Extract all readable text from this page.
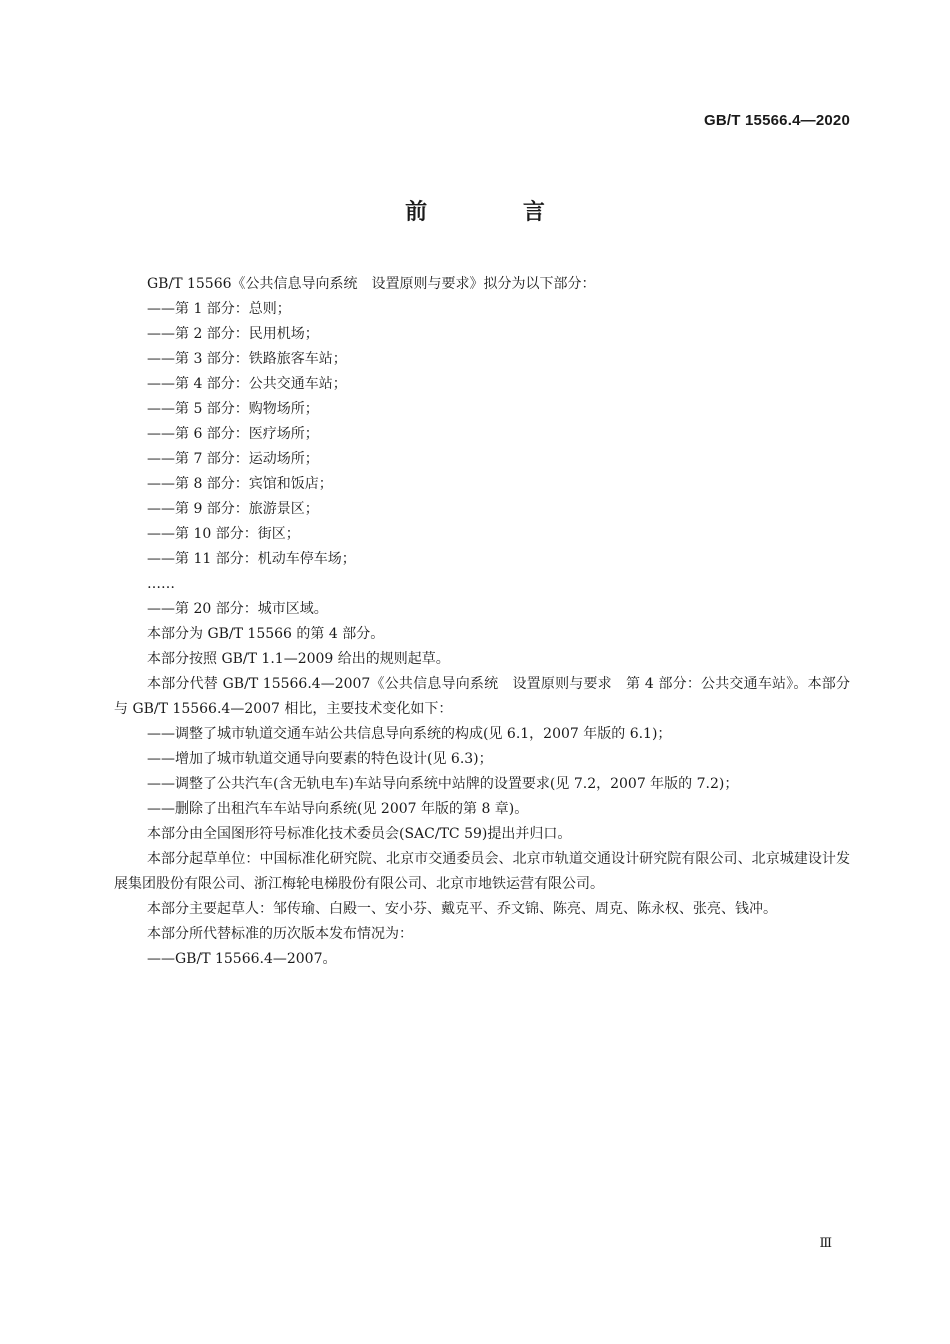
GB/T 15566.4—2020
前 言

GB/T 15566《公共信息导向系统　设置原则与要求》拟分为以下部分：

——第 1 部分：总则；

——第 2 部分：民用机场；

——第 3 部分：铁路旅客车站；

——第 4 部分：公共交通车站；

——第 5 部分：购物场所；

——第 6 部分：医疗场所；

——第 7 部分：运动场所；

——第 8 部分：宾馆和饭店；

——第 9 部分：旅游景区；

——第 10 部分：街区；

——第 11 部分：机动车停车场；

……

——第 20 部分：城市区域。

本部分为 GB/T 15566 的第 4 部分。

本部分按照 GB/T 1.1—2009 给出的规则起草。

本部分代替 GB/T 15566.4—2007《公共信息导向系统　设置原则与要求　第 4 部分：公共交通车站》。本部分与 GB/T 15566.4—2007 相比，主要技术变化如下：

——调整了城市轨道交通车站公共信息导向系统的构成(见 6.1，2007 年版的 6.1)；

——增加了城市轨道交通导向要素的特色设计(见 6.3)；

——调整了公共汽车(含无轨电车)车站导向系统中站牌的设置要求(见 7.2，2007 年版的 7.2)；

——删除了出租汽车车站导向系统(见 2007 年版的第 8 章)。

本部分由全国图形符号标准化技术委员会(SAC/TC 59)提出并归口。

本部分起草单位：中国标准化研究院、北京市交通委员会、北京市轨道交通设计研究院有限公司、北京城建设计发展集团股份有限公司、浙江梅轮电梯股份有限公司、北京市地铁运营有限公司。

本部分主要起草人：邹传瑜、白殿一、安小芬、戴克平、乔文锦、陈亮、周克、陈永权、张亮、钱冲。

本部分所代替标准的历次版本发布情况为：

——GB/T 15566.4—2007。

Ⅲ
